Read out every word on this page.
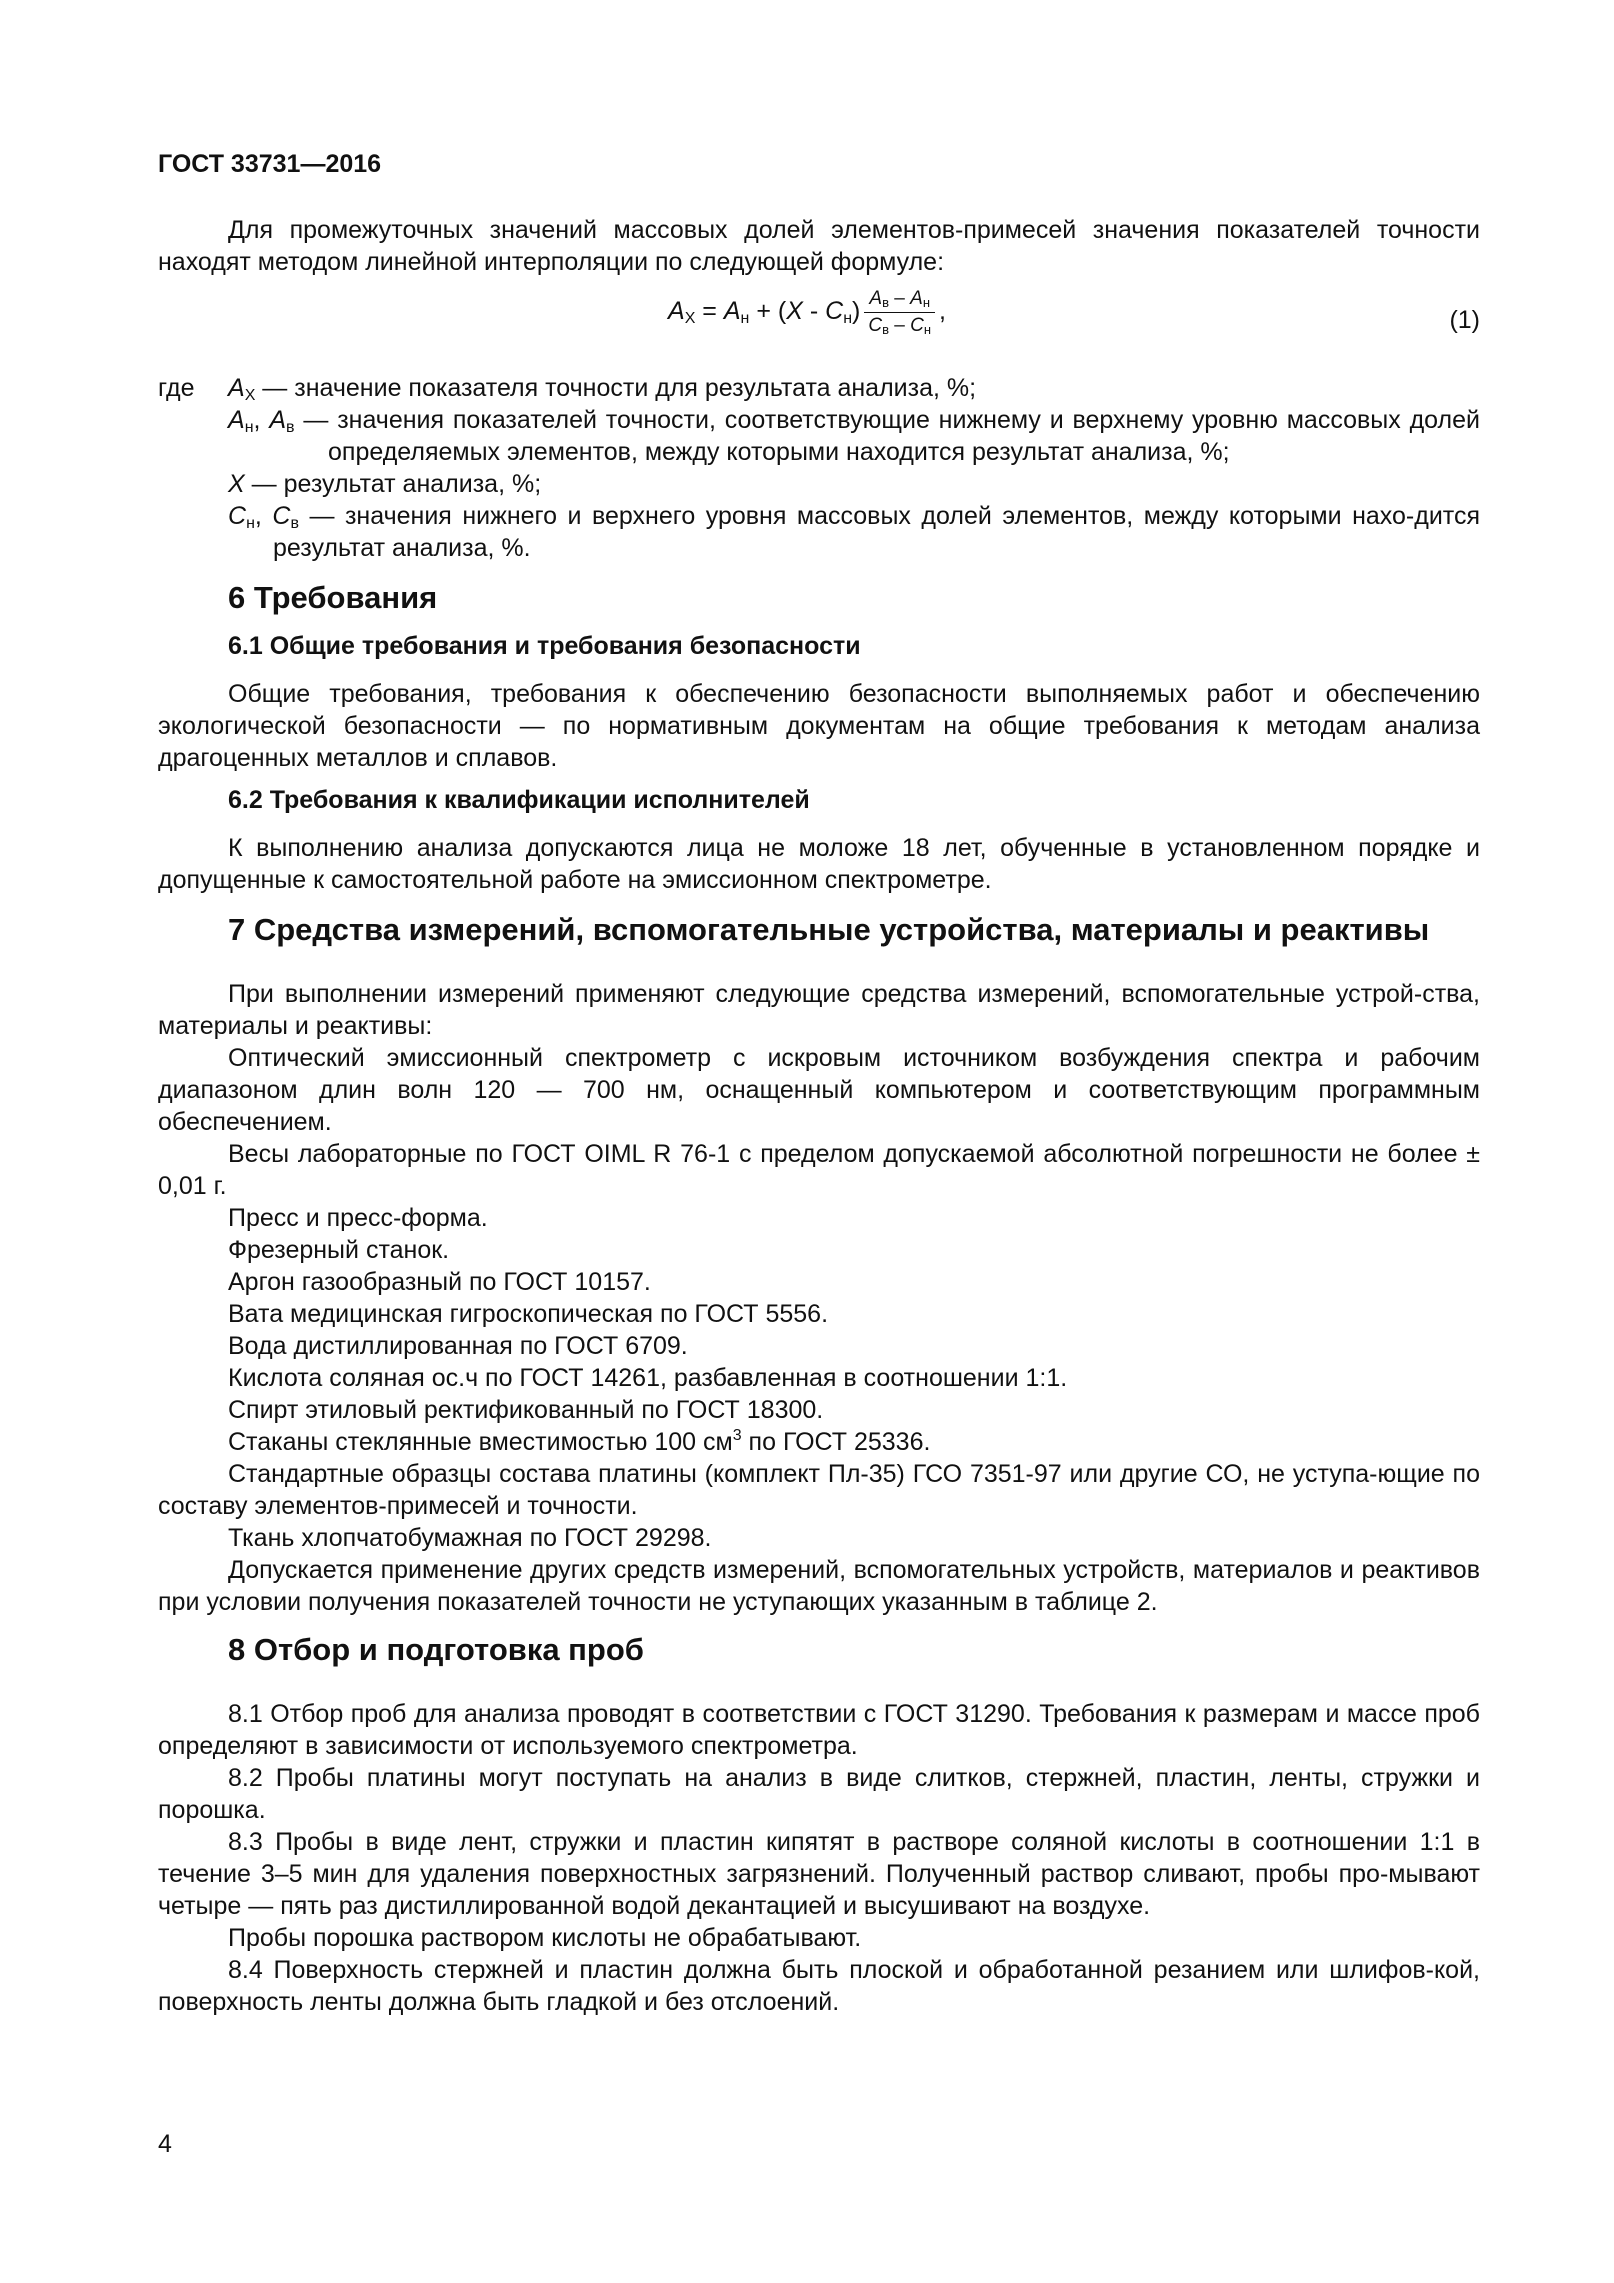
ГОСТ 33731—2016

Для промежуточных значений массовых долей элементов-примесей значения показателей точности находят методом линейной интерполяции по следующей формуле:

$A_X = A_н + (X - C_н) \frac{A_в - A_н}{C_в - C_н}$ ,	(1)
где $A_X$ — значение показателя точности для результата анализа, %;
$A_н$, $A_в$ — значения показателей точности, соответствующие нижнему и верхнему уровню массовых долей определяемых элементов, между которыми находится результат анализа, %;
X — результат анализа, %;
$C_н$, $C_в$ — значения нижнего и верхнего уровня массовых долей элементов, между которыми нахо-дится результат анализа, %.
6 Требования
6.1 Общие требования и требования безопасности

Общие требования, требования к обеспечению безопасности выполняемых работ и обеспечению экологической безопасности — по нормативным документам на общие требования к методам анализа драгоценных металлов и сплавов.

6.2 Требования к квалификации исполнителей

К выполнению анализа допускаются лица не моложе 18 лет, обученные в установленном порядке и допущенные к самостоятельной работе на эмиссионном спектрометре.

7 Средства измерений, вспомогательные устройства, материалы и реактивы

При выполнении измерений применяют следующие средства измерений, вспомогательные устрой-ства, материалы и реактивы:

Оптический эмиссионный спектрометр с искровым источником возбуждения спектра и рабочим диапазоном длин волн 120 — 700 нм, оснащенный компьютером и соответствующим программным обеспечением.

Весы лабораторные по ГОСТ OIML R 76-1 с пределом допускаемой абсолютной погрешности не более ± 0,01 г.

Пресс и пресс-форма.

Фрезерный станок.

Аргон газообразный по ГОСТ 10157.

Вата медицинская гигроскопическая по ГОСТ 5556.

Вода дистиллированная по ГОСТ 6709.

Кислота соляная ос.ч по ГОСТ 14261, разбавленная в соотношении 1:1.

Спирт этиловый ректификованный по ГОСТ 18300.

Стаканы стеклянные вместимостью 100 $см^3$ по ГОСТ 25336.

Стандартные образцы состава платины (комплект Пл-35) ГСО 7351-97 или другие СО, не уступа-ющие по составу элементов-примесей и точности.

Ткань хлопчатобумажная по ГОСТ 29298.

Допускается применение других средств измерений, вспомогательных устройств, материалов и реактивов при условии получения показателей точности не уступающих указанным в таблице 2.

8 Отбор и подготовка проб

8.1 Отбор проб для анализа проводят в соответствии с ГОСТ 31290. Требования к размерам и массе проб определяют в зависимости от используемого спектрометра.

8.2 Пробы платины могут поступать на анализ в виде слитков, стержней, пластин, ленты, стружки и порошка.

8.3 Пробы в виде лент, стружки и пластин кипятят в растворе соляной кислоты в соотношении 1:1 в течение 3–5 мин для удаления поверхностных загрязнений. Полученный раствор сливают, пробы про-мывают четыре — пять раз дистиллированной водой декантацией и высушивают на воздухе.

Пробы порошка раствором кислоты не обрабатывают.

8.4 Поверхность стержней и пластин должна быть плоской и обработанной резанием или шлифов-кой, поверхность ленты должна быть гладкой и без отслоений.

4
